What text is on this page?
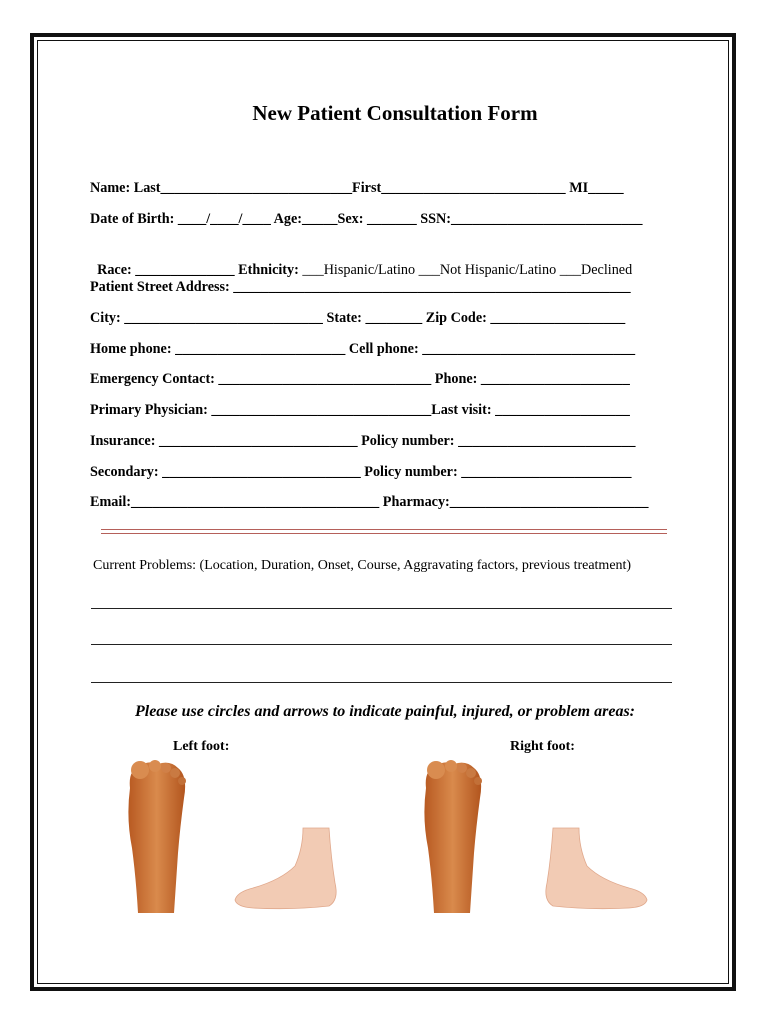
New Patient Consultation Form
Name: Last___________________________First__________________________ MI_____
Date of Birth: ____/____/____ Age:_____Sex: _______ SSN:___________________________

Race: ______________ Ethnicity: ___Hispanic/Latino ___Not Hispanic/Latino ___Declined

Patient Street Address: ________________________________________________________
City: ____________________________ State: ________ Zip Code: ___________________
Home phone: ________________________ Cell phone: ______________________________
Emergency Contact: ______________________________ Phone: _____________________
Primary Physician: _______________________________Last visit: ___________________
Insurance: ____________________________ Policy number: _________________________
Secondary: ____________________________ Policy number: ________________________
Email:___________________________________ Pharmacy:____________________________
Current Problems: (Location, Duration, Onset, Course, Aggravating factors, previous treatment)
Please use circles and arrows to indicate painful, injured, or problem areas:
Left foot:	Right foot:
